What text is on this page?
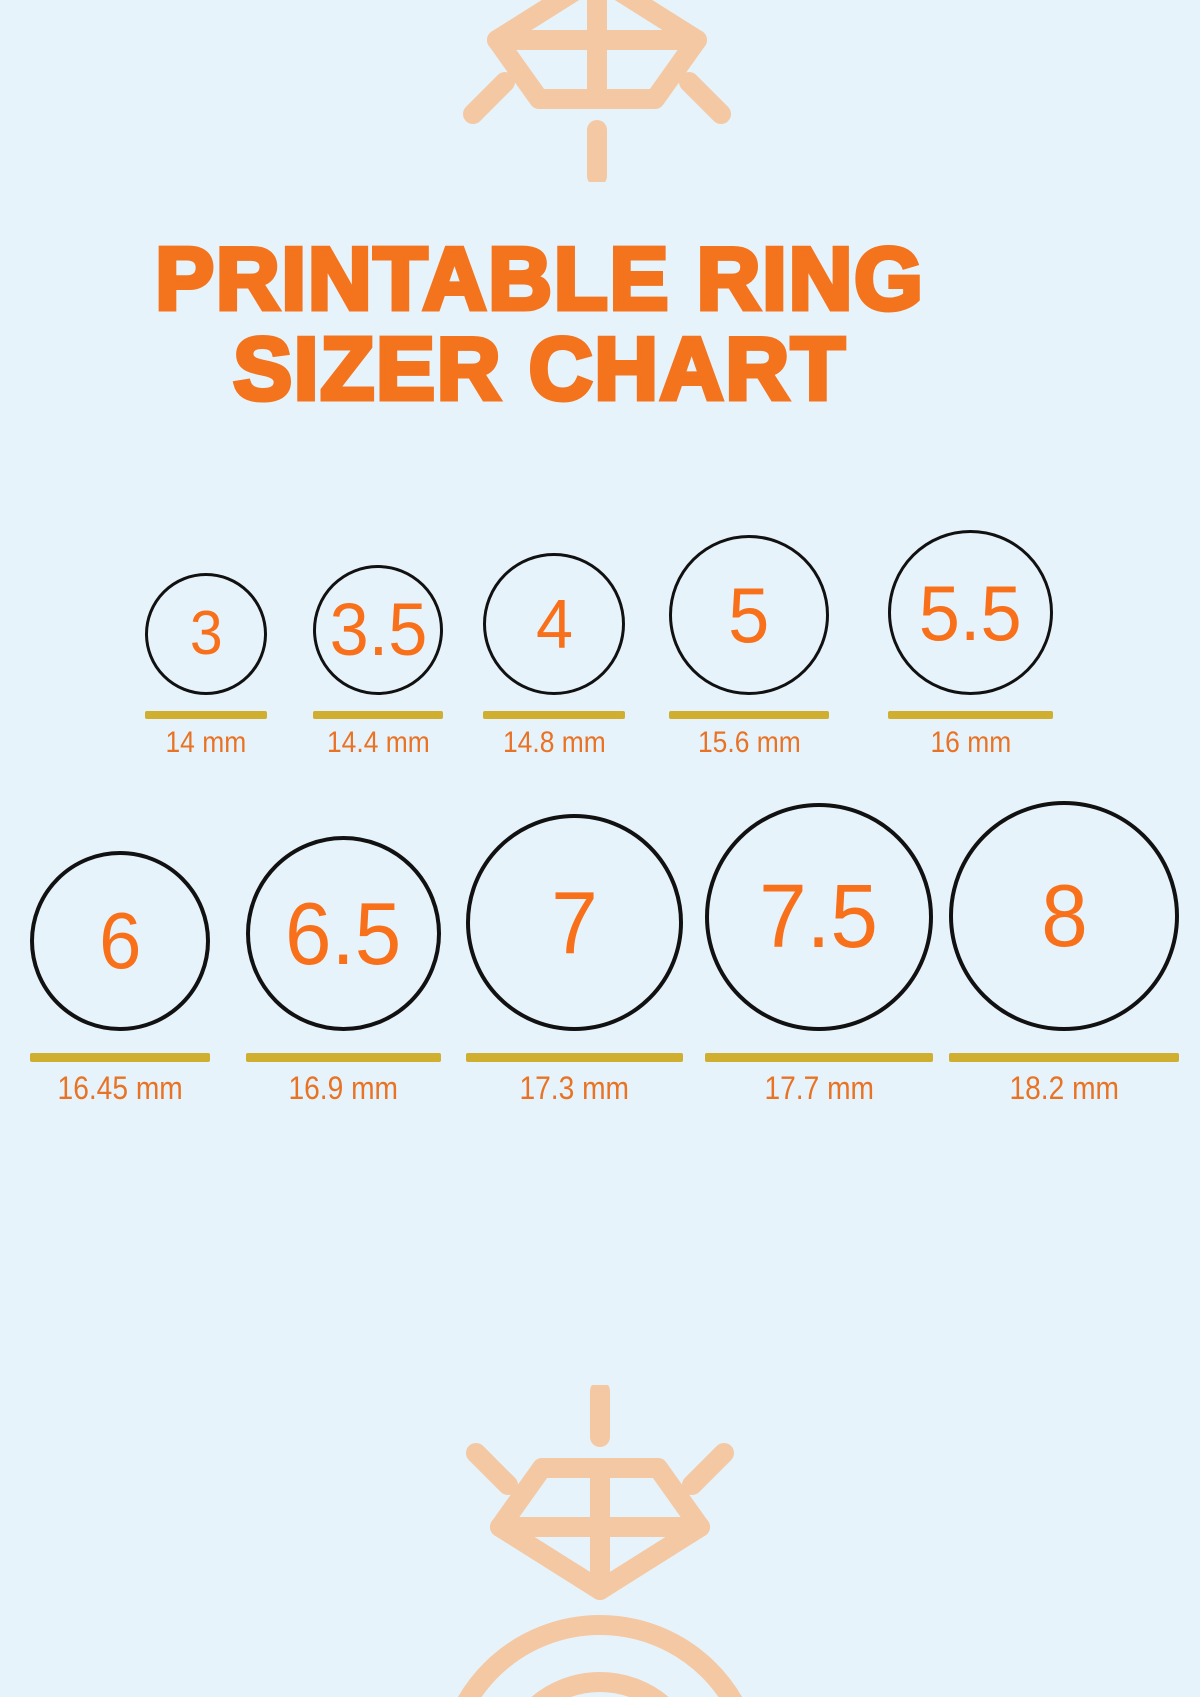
PRINTABLE RING
SIZER CHART
3
14 mm
3.5
14.4 mm
4
14.8 mm
5
15.6 mm
5.5
16 mm
6
16.45 mm
6.5
16.9 mm
7
17.3 mm
7.5
17.7 mm
8
18.2 mm
